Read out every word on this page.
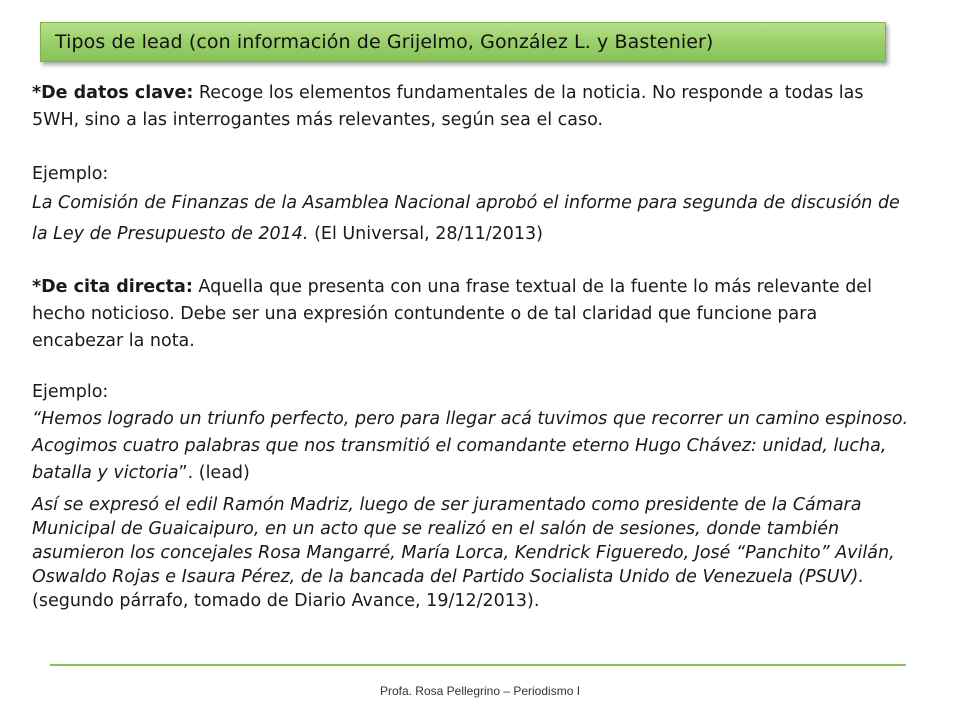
Tipos de lead (con información de Grijelmo, González L. y Bastenier)

*De datos clave: Recoge los elementos fundamentales de la noticia. No responde a todas las 5WH, sino a las interrogantes más relevantes, según sea el caso.

Ejemplo:

La Comisión de Finanzas de la Asamblea Nacional aprobó el informe para segunda de discusión de la Ley de Presupuesto de 2014. (El Universal, 28/11/2013)

*De cita directa: Aquella que presenta con una frase textual de la fuente lo más relevante del hecho noticioso. Debe ser una expresión contundente o de tal claridad que funcione para encabezar la nota.

Ejemplo:

“Hemos logrado un triunfo perfecto, pero para llegar acá tuvimos que recorrer un camino espinoso. Acogimos cuatro palabras que nos transmitió el comandante eterno Hugo Chávez: unidad, lucha, batalla y victoria”. (lead)

Así se expresó el edil Ramón Madriz, luego de ser juramentado como presidente de la Cámara Municipal de Guaicaipuro, en un acto que se realizó en el salón de sesiones, donde también asumieron los concejales Rosa Mangarré, María Lorca, Kendrick Figueredo, José “Panchito” Avilán, Oswaldo Rojas e Isaura Pérez, de la bancada del Partido Socialista Unido de Venezuela (PSUV). (segundo párrafo, tomado de Diario Avance, 19/12/2013).

Profa. Rosa Pellegrino – Periodismo I
